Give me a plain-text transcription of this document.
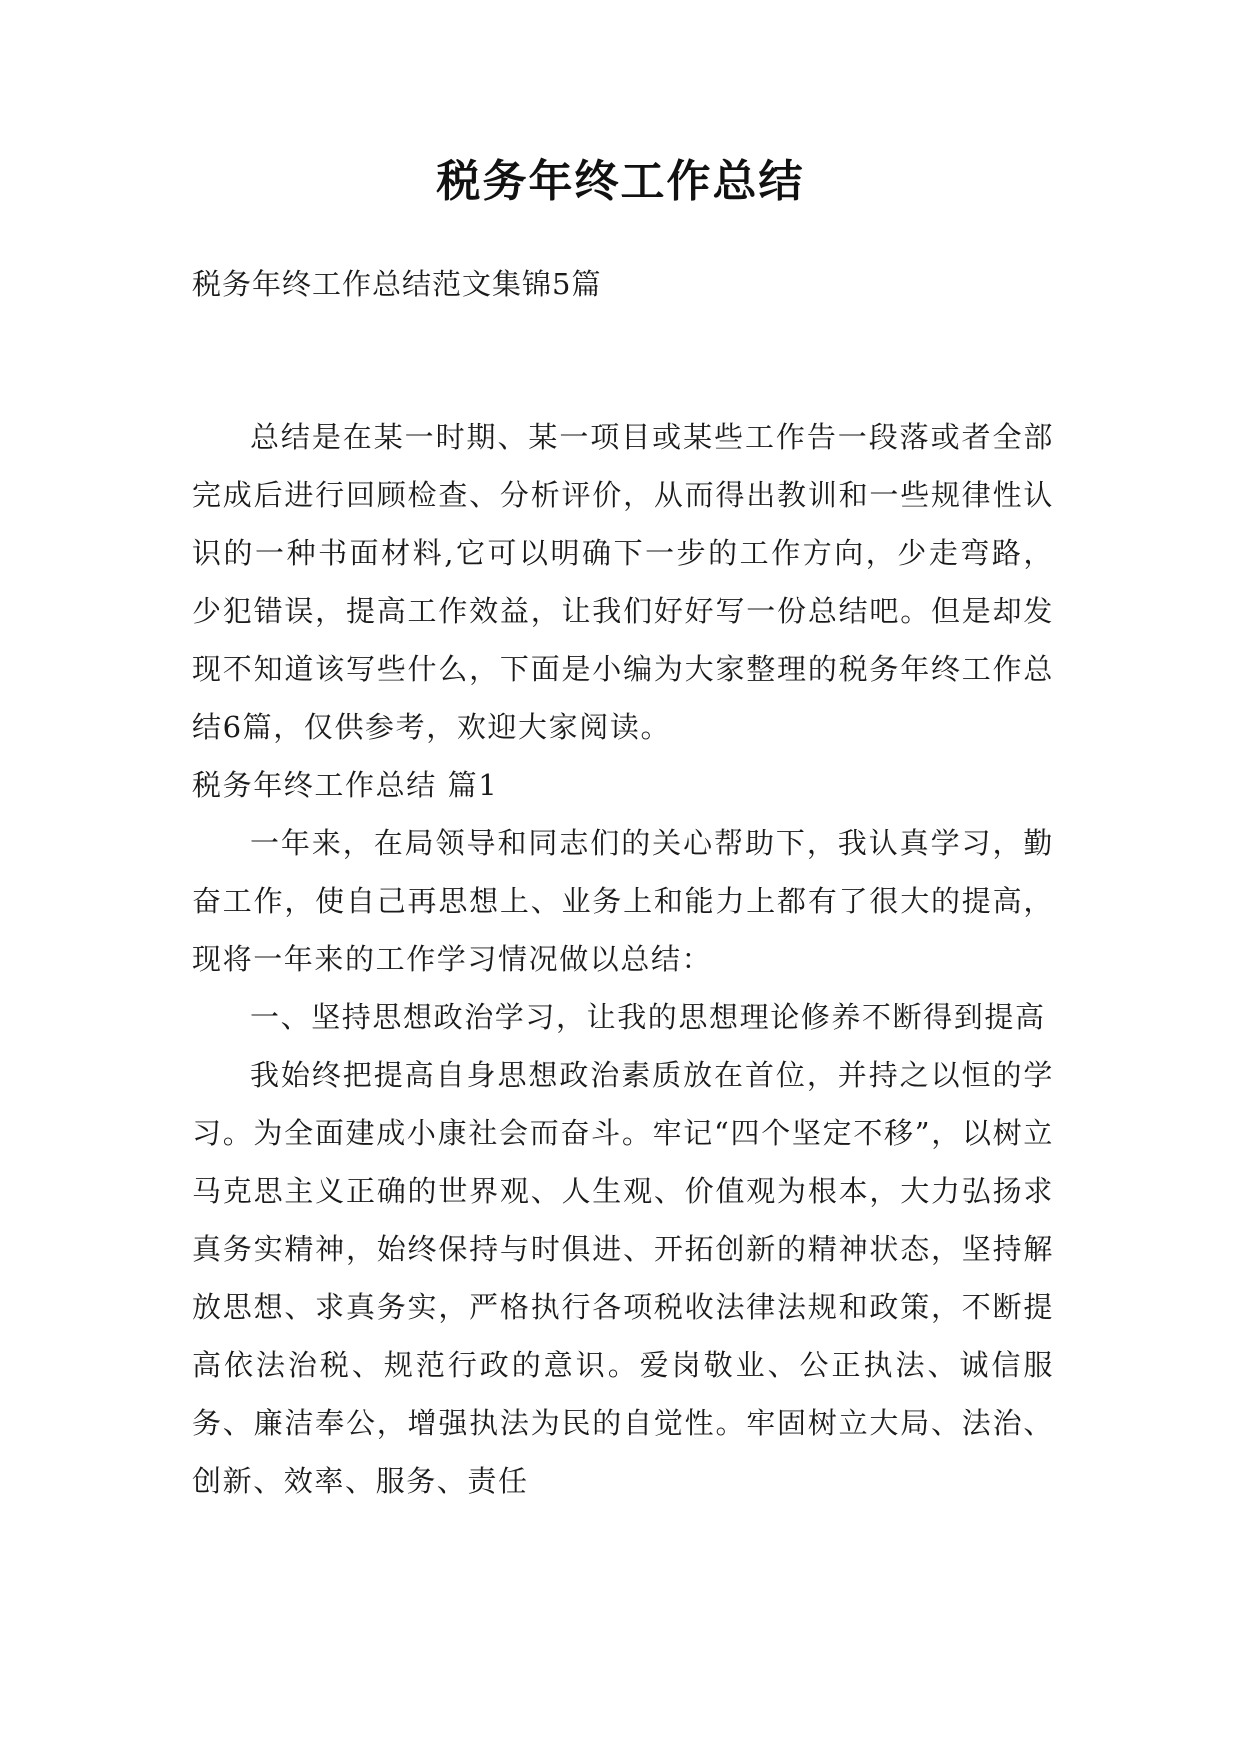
税务年终工作总结
税务年终工作总结范文集锦5篇

总结是在某一时期、某一项目或某些工作告一段落或者全部完成后进行回顾检查、分析评价，从而得出教训和一些规律性认识的一种书面材料,它可以明确下一步的工作方向，少走弯路，少犯错误，提高工作效益，让我们好好写一份总结吧。但是却发现不知道该写些什么，下面是小编为大家整理的税务年终工作总结6篇，仅供参考，欢迎大家阅读。

税务年终工作总结 篇1

一年来，在局领导和同志们的关心帮助下，我认真学习，勤奋工作，使自己再思想上、业务上和能力上都有了很大的提高，现将一年来的工作学习情况做以总结：

一、坚持思想政治学习，让我的思想理论修养不断得到提高

我始终把提高自身思想政治素质放在首位，并持之以恒的学习。为全面建成小康社会而奋斗。牢记“四个坚定不移”，以树立马克思主义正确的世界观、人生观、价值观为根本，大力弘扬求真务实精神，始终保持与时俱进、开拓创新的精神状态，坚持解放思想、求真务实，严格执行各项税收法律法规和政策，不断提高依法治税、规范行政的意识。爱岗敬业、公正执法、诚信服务、廉洁奉公，增强执法为民的自觉性。牢固树立大局、法治、创新、效率、服务、责任
